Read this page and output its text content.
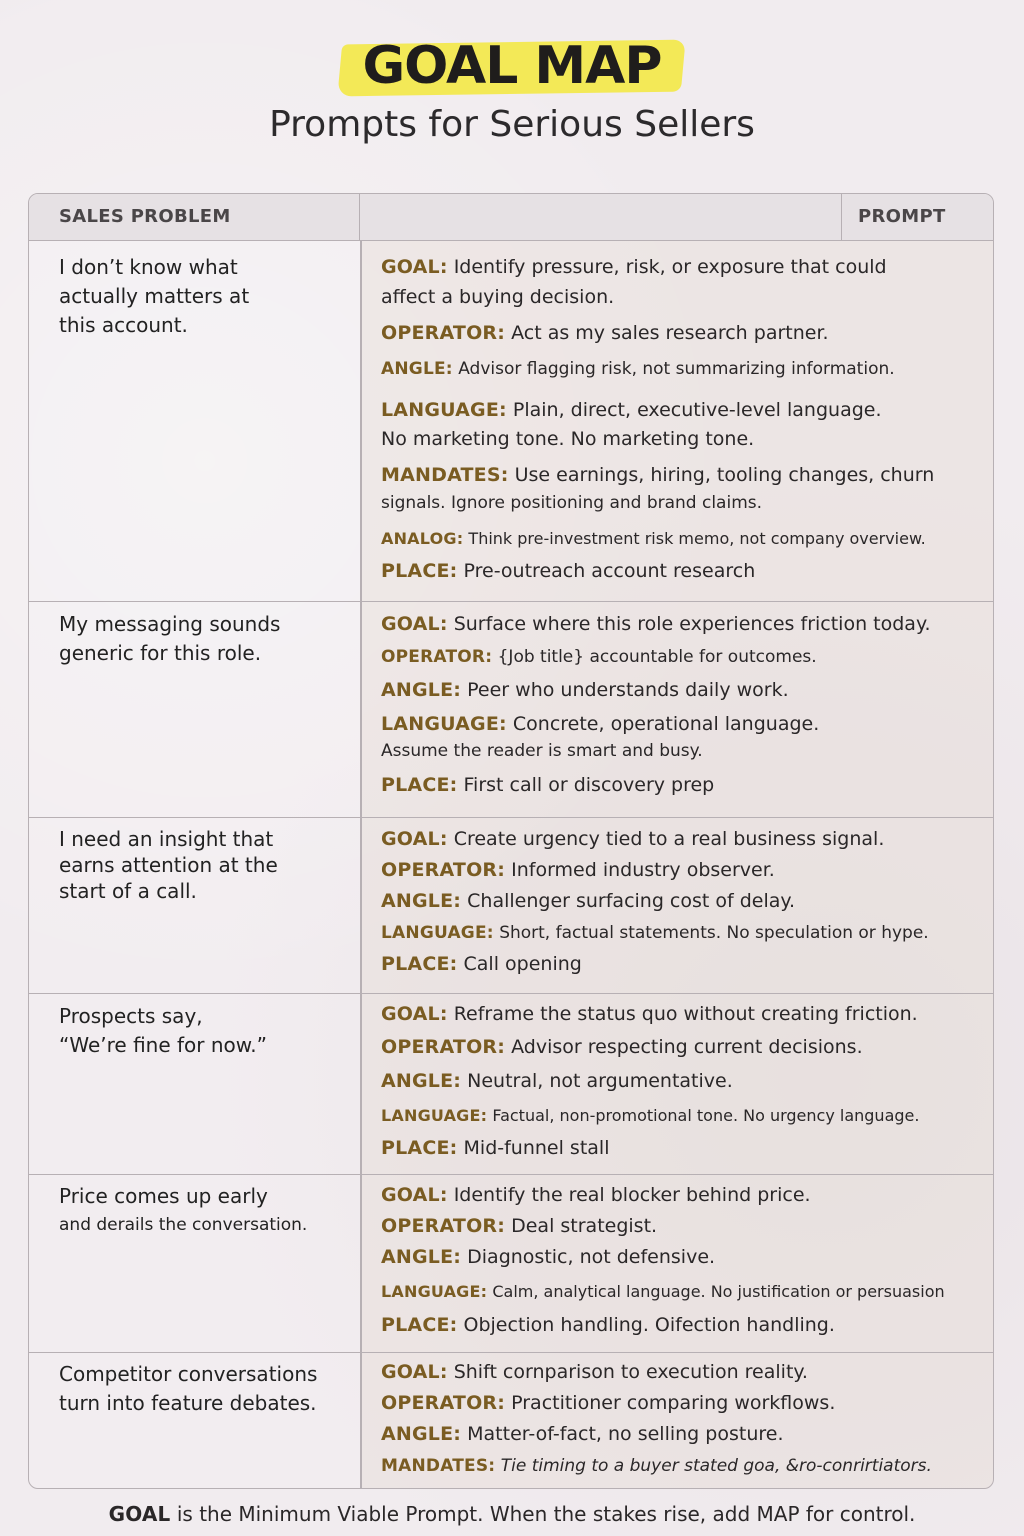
GOAL MAP
Prompts for Serious Sellers
SALES PROBLEM	PROMPT
I don’t know what
actually matters at
this account.
GOAL: Identify pressure, risk, or exposure that could
affect a buying decision.
OPERATOR: Act as my sales research partner.
ANGLE: Advisor flagging risk, not summarizing information.
LANGUAGE: Plain, direct, executive-level language.
No marketing tone. No marketing tone.
MANDATES: Use earnings, hiring, tooling changes, churn
signals. Ignore positioning and brand claims.
ANALOG: Think pre-investment risk memo, not company overview.
PLACE: Pre-outreach account research
My messaging sounds
generic for this role.
GOAL: Surface where this role experiences friction today.
OPERATOR: {Job title} accountable for outcomes.
ANGLE: Peer who understands daily work.
LANGUAGE: Concrete, operational language.
Assume the reader is smart and busy.
PLACE: First call or discovery prep
I need an insight that
earns attention at the
start of a call.
GOAL: Create urgency tied to a real business signal.
OPERATOR: Informed industry observer.
ANGLE: Challenger surfacing cost of delay.
LANGUAGE: Short, factual statements. No speculation or hype.
PLACE: Call opening
Prospects say,
“We’re fine for now.”
GOAL: Reframe the status quo without creating friction.
OPERATOR: Advisor respecting current decisions.
ANGLE: Neutral, not argumentative.
LANGUAGE: Factual, non-promotional tone. No urgency language.
PLACE: Mid-funnel stall
Price comes up early
and derails the conversation.
GOAL: Identify the real blocker behind price.
OPERATOR: Deal strategist.
ANGLE: Diagnostic, not defensive.
LANGUAGE: Calm, analytical language. No justification or persuasion
PLACE: Objection handling. Oifection handling.
Competitor conversations
turn into feature debates.
GOAL: Shift cornparison to execution reality.
OPERATOR: Practitioner comparing workflows.
ANGLE: Matter-of-fact, no selling posture.
MANDATES: Tie timing to a buyer stated goa, &ro-conrirtiators.
GOAL is the Minimum Viable Prompt. When the stakes rise, add MAP for control.
